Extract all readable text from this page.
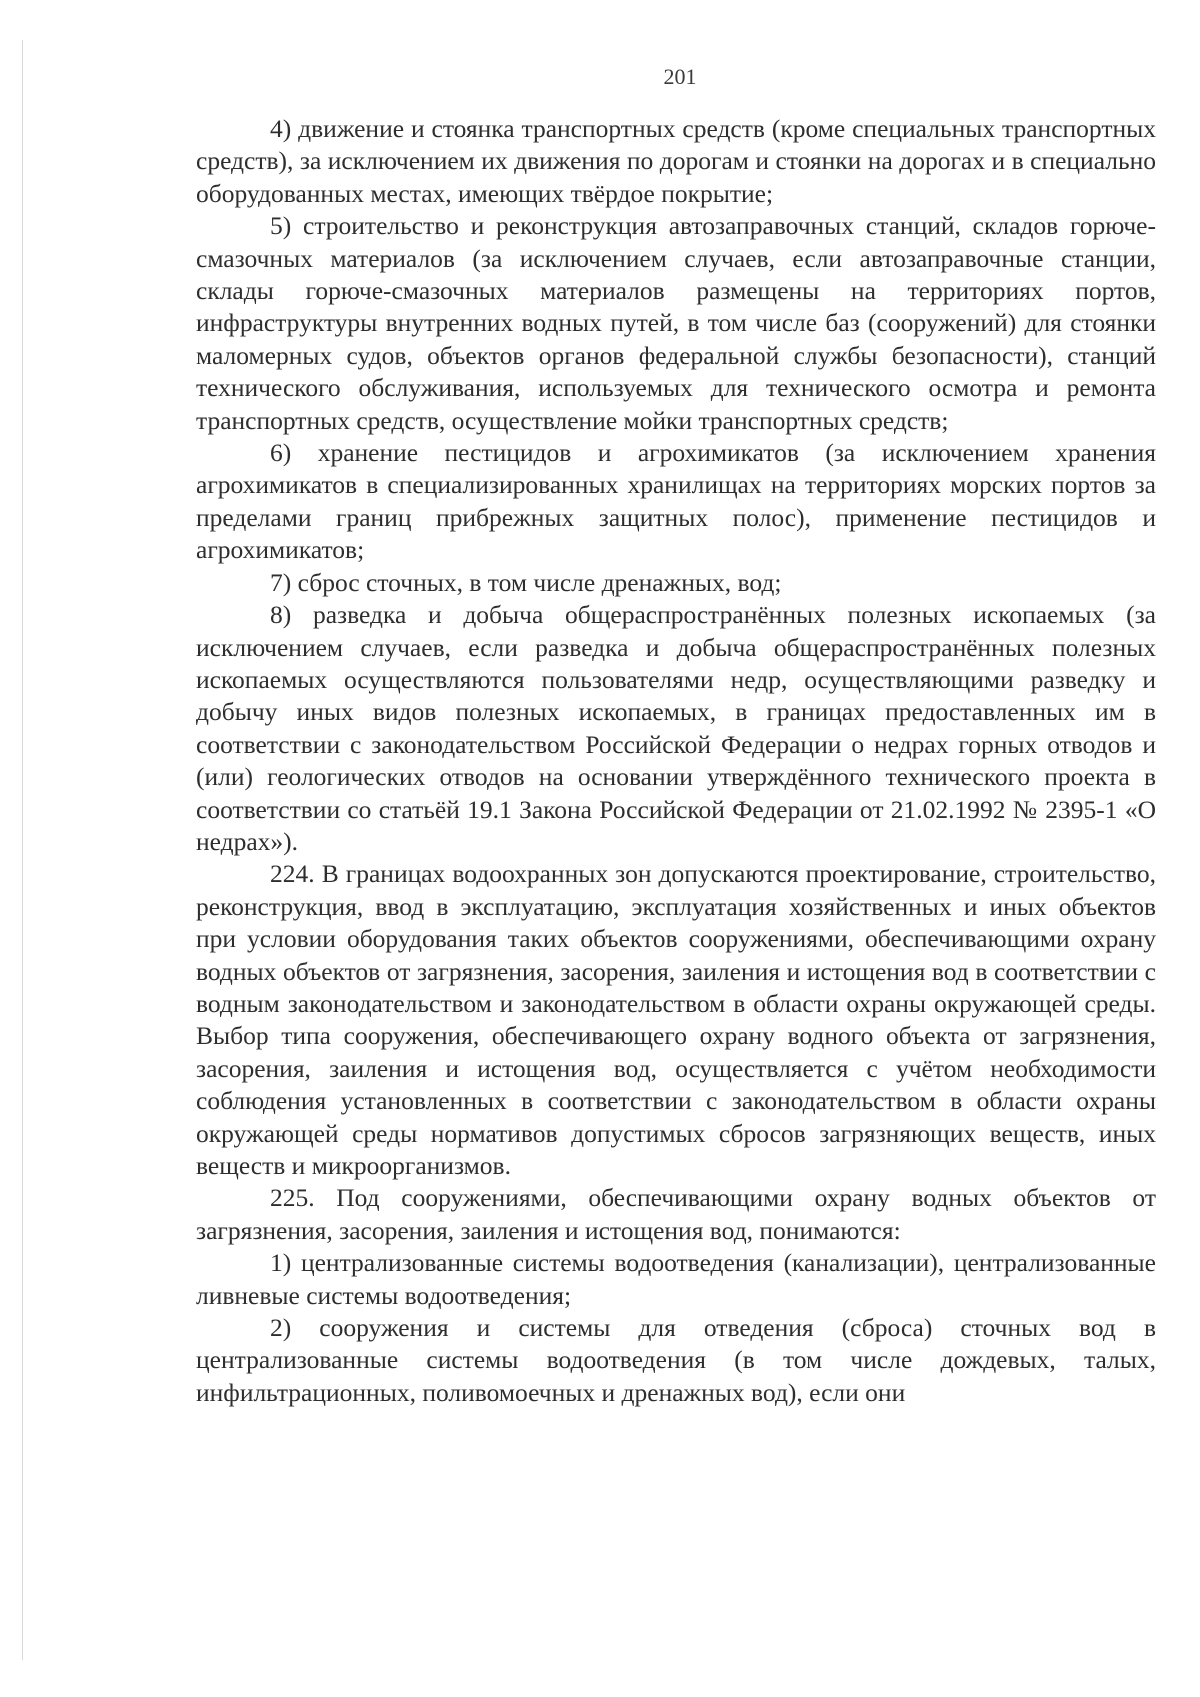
201

4) движение и стоянка транспортных средств (кроме специальных транспортных средств), за исключением их движения по дорогам и стоянки на дорогах и в специально оборудованных местах, имеющих твёрдое покрытие;

5) строительство и реконструкция автозаправочных станций, складов горюче-смазочных материалов (за исключением случаев, если автозаправочные станции, склады горюче-смазочных материалов размещены на территориях портов, инфраструктуры внутренних водных путей, в том числе баз (сооружений) для стоянки маломерных судов, объектов органов федеральной службы безопасности), станций технического обслуживания, используемых для технического осмотра и ремонта транспортных средств, осуществление мойки транспортных средств;

6) хранение пестицидов и агрохимикатов (за исключением хранения агрохимикатов в специализированных хранилищах на территориях морских портов за пределами границ прибрежных защитных полос), применение пестицидов и агрохимикатов;

7) сброс сточных, в том числе дренажных, вод;

8) разведка и добыча общераспространённых полезных ископаемых (за исключением случаев, если разведка и добыча общераспространённых полезных ископаемых осуществляются пользователями недр, осуществляющими разведку и добычу иных видов полезных ископаемых, в границах предоставленных им в соответствии с законодательством Российской Федерации о недрах горных отводов и (или) геологических отводов на основании утверждённого технического проекта в соответствии со статьёй 19.1 Закона Российской Федерации от 21.02.1992 № 2395-1 «О недрах»).

224. В границах водоохранных зон допускаются проектирование, строительство, реконструкция, ввод в эксплуатацию, эксплуатация хозяйственных и иных объектов при условии оборудования таких объектов сооружениями, обеспечивающими охрану водных объектов от загрязнения, засорения, заиления и истощения вод в соответствии с водным законодательством и законодательством в области охраны окружающей среды. Выбор типа сооружения, обеспечивающего охрану водного объекта от загрязнения, засорения, заиления и истощения вод, осуществляется с учётом необходимости соблюдения установленных в соответствии с законодательством в области охраны окружающей среды нормативов допустимых сбросов загрязняющих веществ, иных веществ и микроорганизмов.

225. Под сооружениями, обеспечивающими охрану водных объектов от загрязнения, засорения, заиления и истощения вод, понимаются:

1) централизованные системы водоотведения (канализации), централизованные ливневые системы водоотведения;

2) сооружения и системы для отведения (сброса) сточных вод в централизованные системы водоотведения (в том числе дождевых, талых, инфильтрационных, поливомоечных и дренажных вод), если они
